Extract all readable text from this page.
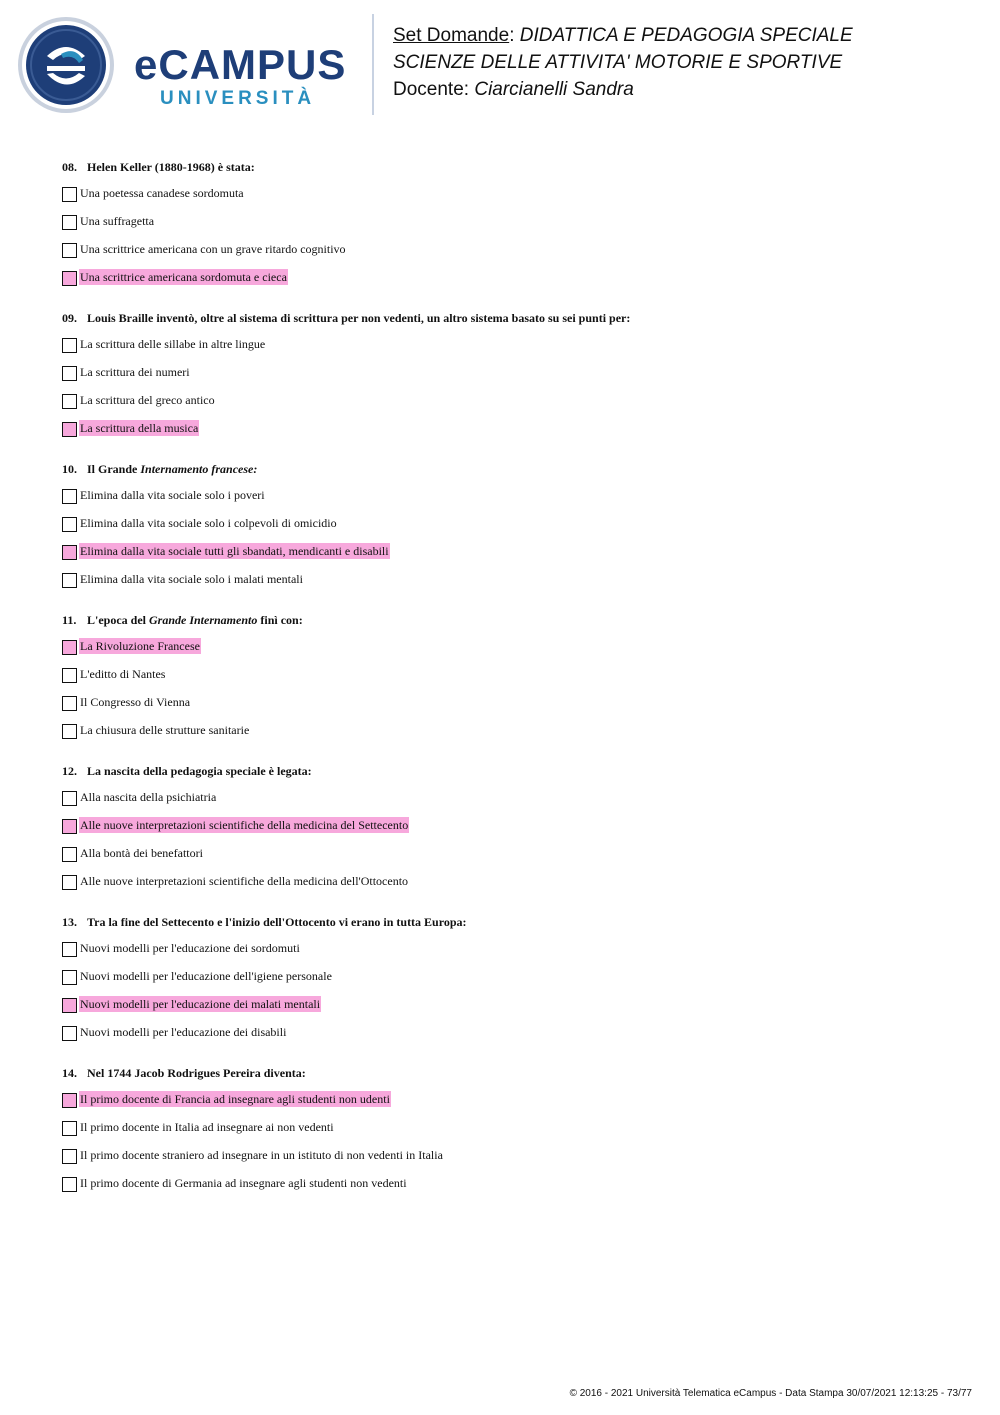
eCAMPUS
UNIVERSITÀ
Set Domande: DIDATTICA E PEDAGOGIA SPECIALE
SCIENZE DELLE ATTIVITA' MOTORIE E SPORTIVE
Docente: Ciarcianelli Sandra
08. Helen Keller (1880-1968) è stata:
Una poetessa canadese sordomuta
Una suffragetta
Una scrittrice americana con un grave ritardo cognitivo
Una scrittrice americana sordomuta e cieca
09. Louis Braille inventò, oltre al sistema di scrittura per non vedenti, un altro sistema basato su sei punti per:
La scrittura delle sillabe in altre lingue
La scrittura dei numeri
La scrittura del greco antico
La scrittura della musica
10. Il Grande Internamento francese:
Elimina dalla vita sociale solo i poveri
Elimina dalla vita sociale solo i colpevoli di omicidio
Elimina dalla vita sociale tutti gli sbandati, mendicanti e disabili
Elimina dalla vita sociale solo i malati mentali
11. L'epoca del Grande Internamento finì con:
La Rivoluzione Francese
L'editto di Nantes
Il Congresso di Vienna
La chiusura delle strutture sanitarie
12. La nascita della pedagogia speciale è legata:
Alla nascita della psichiatria
Alle nuove interpretazioni scientifiche della medicina del Settecento
Alla bontà dei benefattori
Alle nuove interpretazioni scientifiche della medicina dell'Ottocento
13. Tra la fine del Settecento e l'inizio dell'Ottocento vi erano in tutta Europa:
Nuovi modelli per l'educazione dei sordomuti
Nuovi modelli per l'educazione dell'igiene personale
Nuovi modelli per l'educazione dei malati mentali
Nuovi modelli per l'educazione dei disabili
14. Nel 1744 Jacob Rodrigues Pereira diventa:
Il primo docente di Francia ad insegnare agli studenti non udenti
Il primo docente in Italia ad insegnare ai non vedenti
Il primo docente straniero ad insegnare in un istituto di non vedenti in Italia
Il primo docente di Germania ad insegnare agli studenti non vedenti
© 2016 - 2021 Università Telematica eCampus - Data Stampa 30/07/2021 12:13:25 - 73/77
